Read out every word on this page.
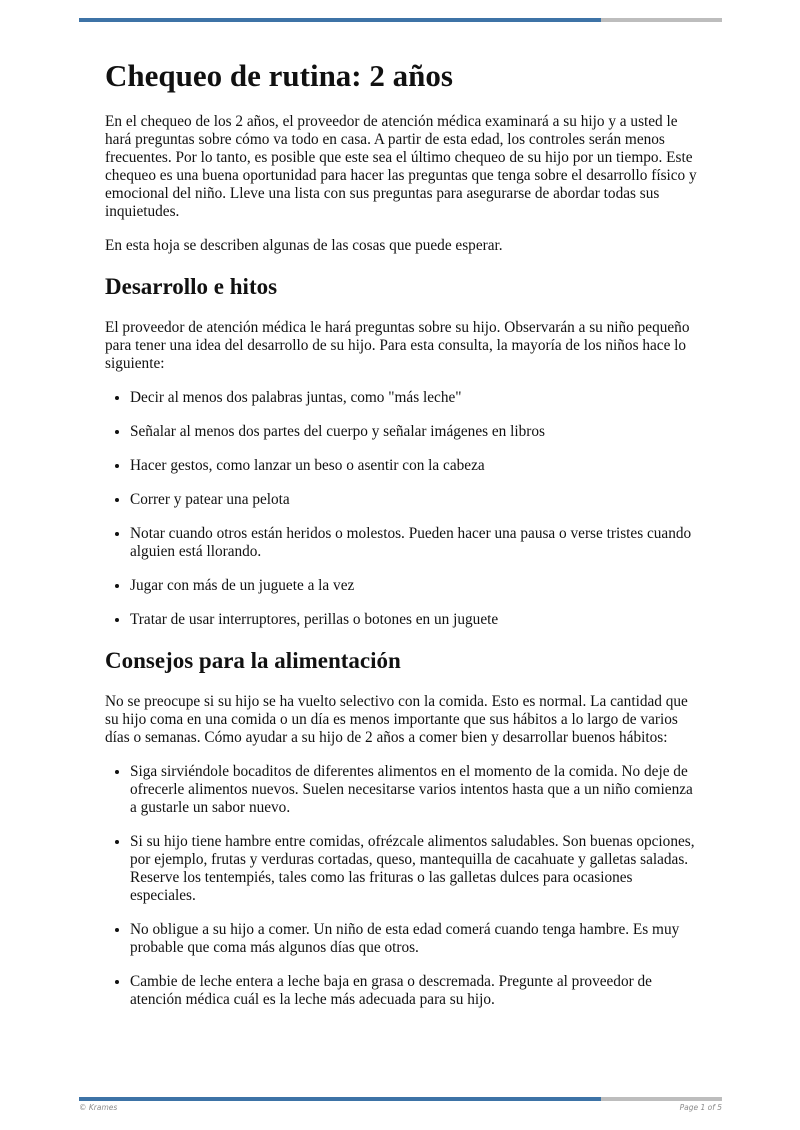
Chequeo de rutina: 2 años

En el chequeo de los 2 años, el proveedor de atención médica examinará a su hijo y a usted le hará preguntas sobre cómo va todo en casa. A partir de esta edad, los controles serán menos frecuentes. Por lo tanto, es posible que este sea el último chequeo de su hijo por un tiempo. Este chequeo es una buena oportunidad para hacer las preguntas que tenga sobre el desarrollo físico y emocional del niño. Lleve una lista con sus preguntas para asegurarse de abordar todas sus inquietudes.

En esta hoja se describen algunas de las cosas que puede esperar.

Desarrollo e hitos

El proveedor de atención médica le hará preguntas sobre su hijo. Observarán a su niño pequeño para tener una idea del desarrollo de su hijo. Para esta consulta, la mayoría de los niños hace lo siguiente:

• Decir al menos dos palabras juntas, como "más leche"
• Señalar al menos dos partes del cuerpo y señalar imágenes en libros
• Hacer gestos, como lanzar un beso o asentir con la cabeza
• Correr y patear una pelota
• Notar cuando otros están heridos o molestos. Pueden hacer una pausa o verse tristes cuando alguien está llorando.
• Jugar con más de un juguete a la vez
• Tratar de usar interruptores, perillas o botones en un juguete
Consejos para la alimentación

No se preocupe si su hijo se ha vuelto selectivo con la comida. Esto es normal. La cantidad que su hijo coma en una comida o un día es menos importante que sus hábitos a lo largo de varios días o semanas. Cómo ayudar a su hijo de 2 años a comer bien y desarrollar buenos hábitos:

• Siga sirviéndole bocaditos de diferentes alimentos en el momento de la comida. No deje de ofrecerle alimentos nuevos. Suelen necesitarse varios intentos hasta que a un niño comienza a gustarle un sabor nuevo.
• Si su hijo tiene hambre entre comidas, ofrézcale alimentos saludables. Son buenas opciones, por ejemplo, frutas y verduras cortadas, queso, mantequilla de cacahuate y galletas saladas. Reserve los tentempiés, tales como las frituras o las galletas dulces para ocasiones especiales.
• No obligue a su hijo a comer. Un niño de esta edad comerá cuando tenga hambre. Es muy probable que coma más algunos días que otros.
• Cambie de leche entera a leche baja en grasa o descremada. Pregunte al proveedor de atención médica cuál es la leche más adecuada para su hijo.
© Krames	Page 1 of 5
